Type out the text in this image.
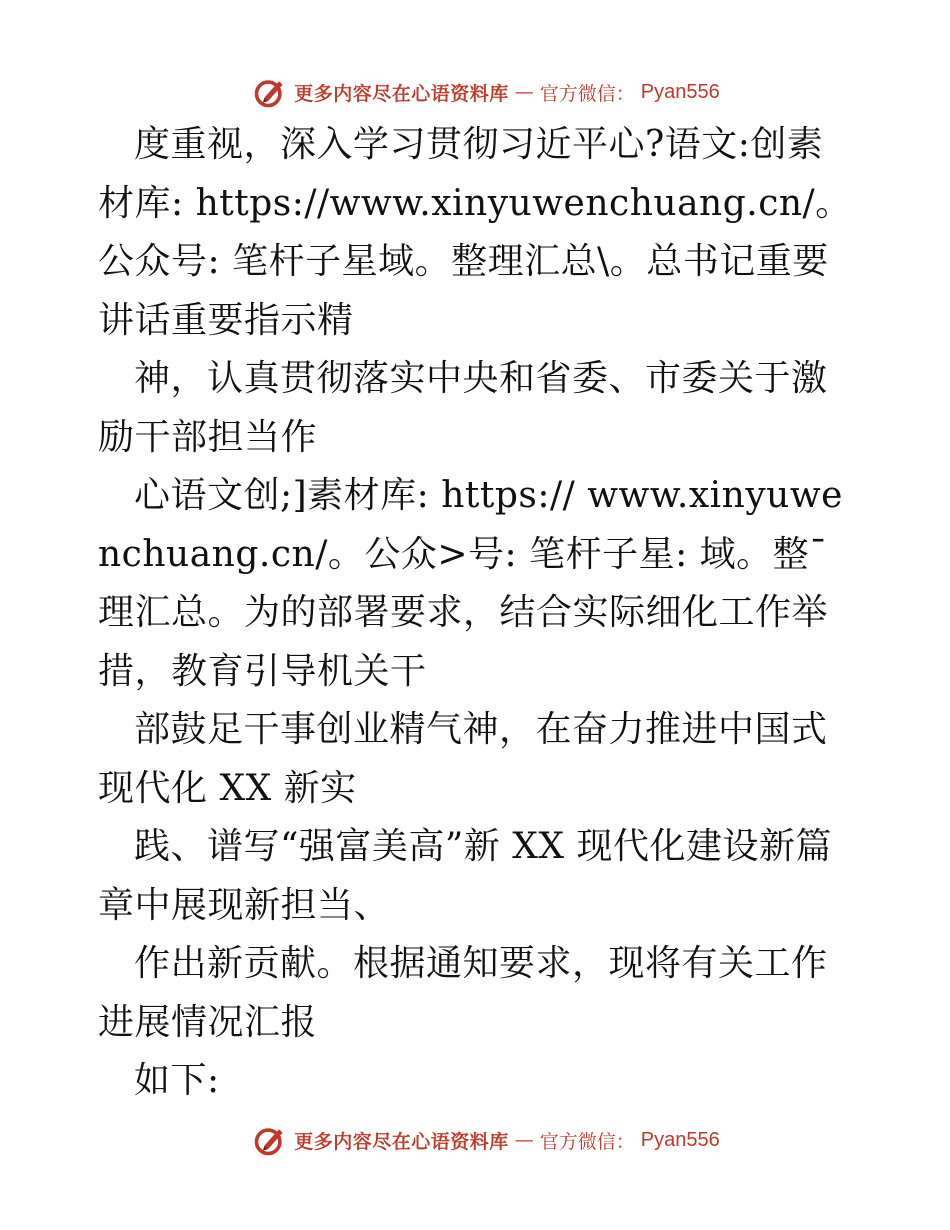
更多内容尽在心语资料库 — 官方微信： Pyan556

度重视，深入学习贯彻习近平心?语文:创素材库: https://www.xinyuwenchuang.cn/。公众号: 笔杆子星域。整理汇总\。总书记重要讲话重要指示精

神，认真贯彻落实中央和省委、市委关于激励干部担当作

心语文创;]素材库: https:// www.xinyuwenchuang.cn/。公众>号: 笔杆子星: 域。整¯理汇总。为的部署要求，结合实际细化工作举措，教育引导机关干

部鼓足干事创业精气神，在奋力推进中国式现代化 XX 新实

践、谱写“强富美高”新 XX 现代化建设新篇章中展现新担当、

作出新贡献。根据通知要求，现将有关工作进展情况汇报

如下:

更多内容尽在心语资料库 — 官方微信： Pyan556
